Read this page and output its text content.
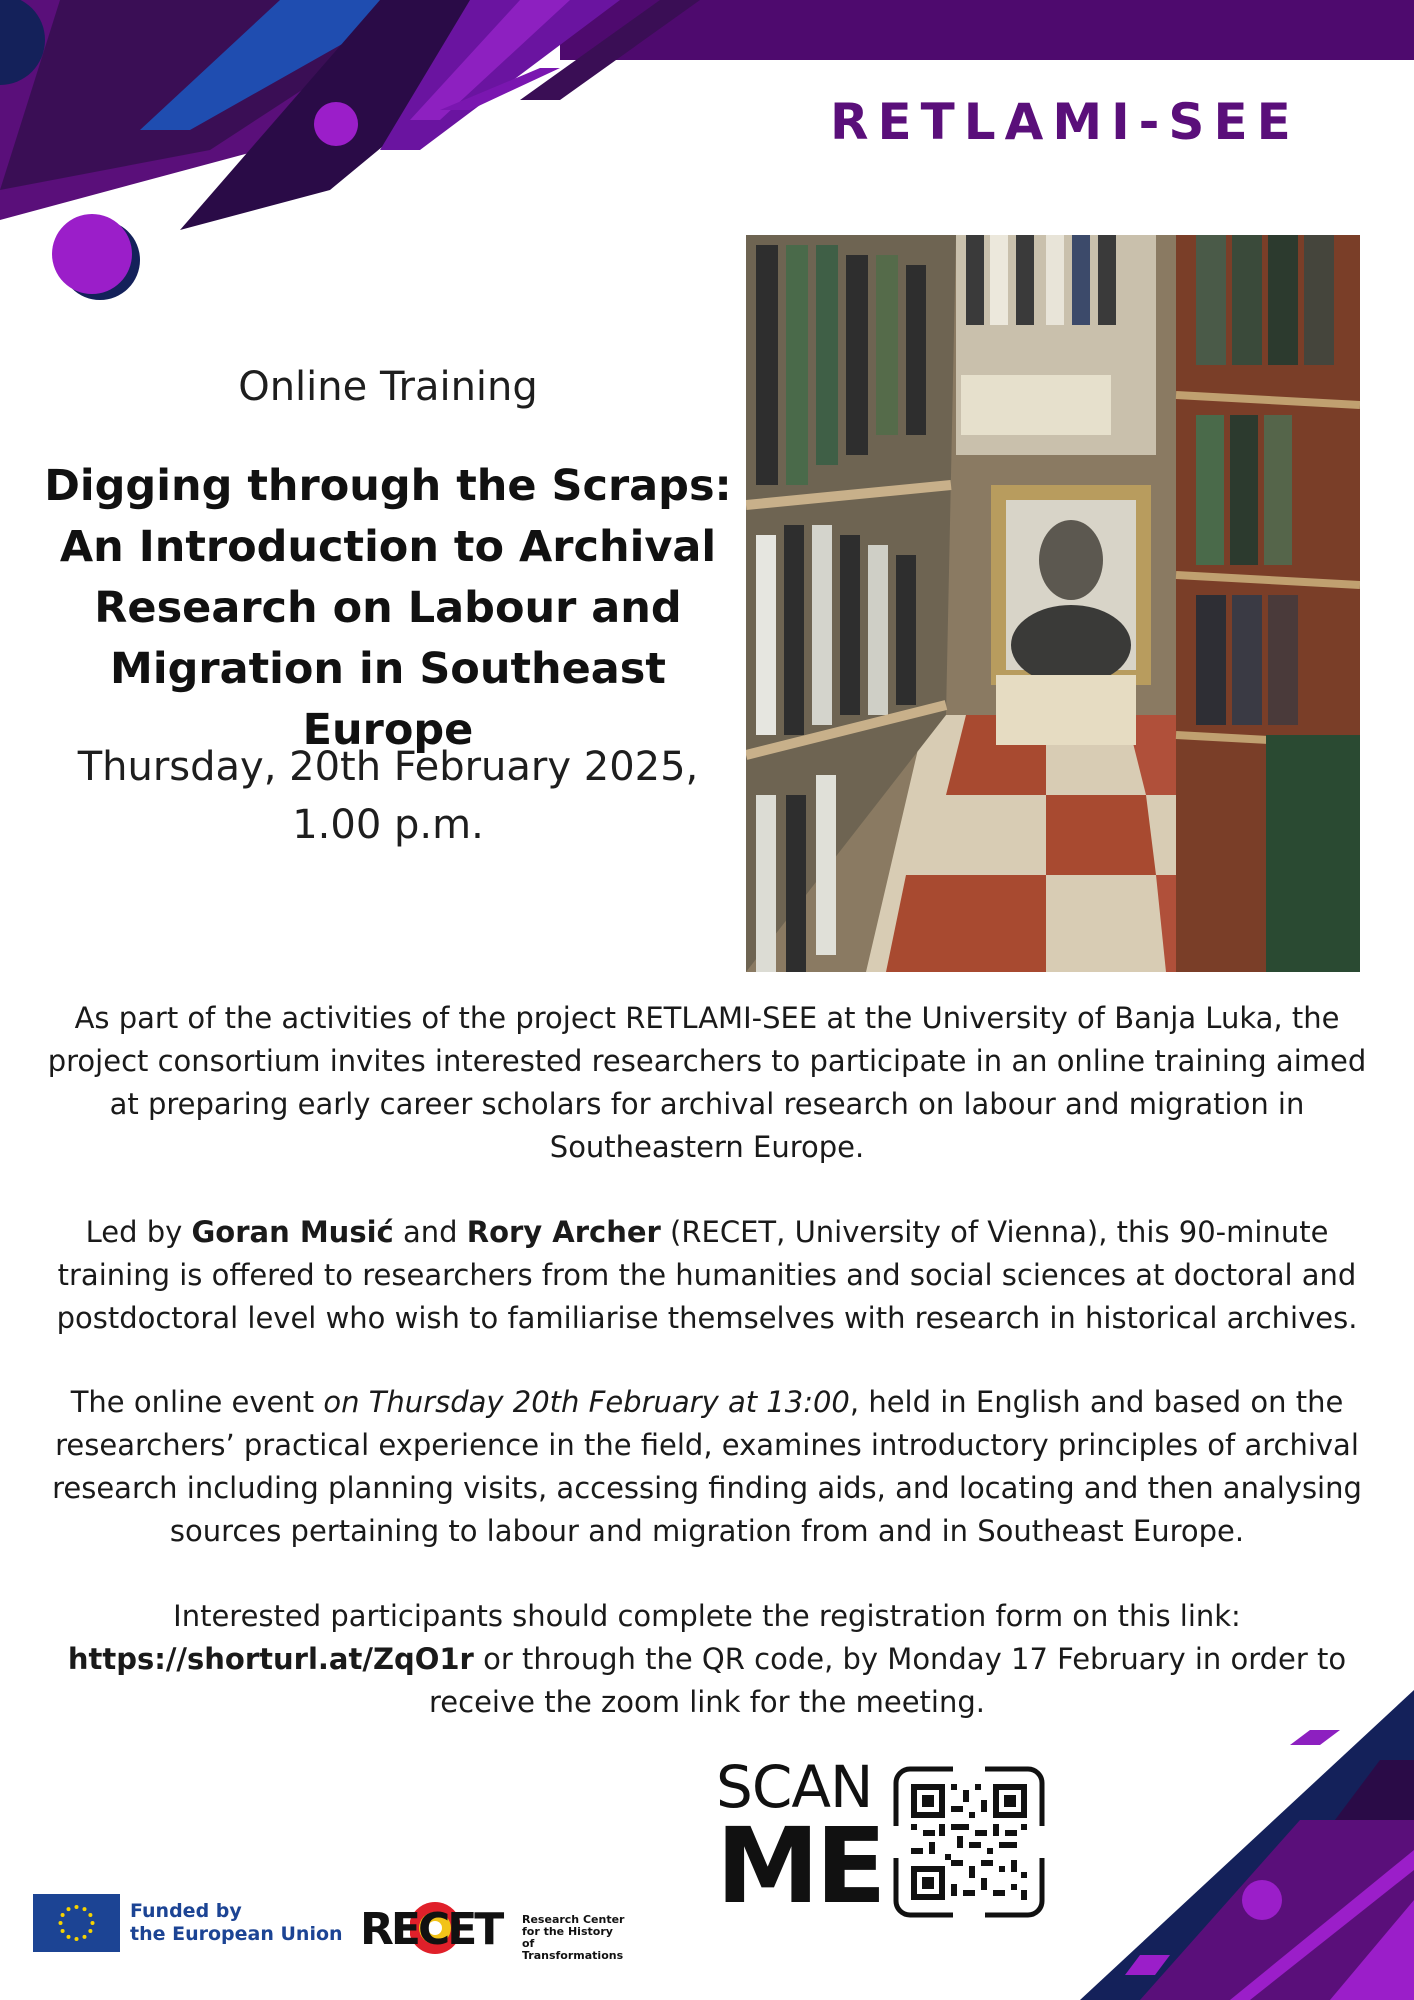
RETLAMI-SEE
Online Training
Digging through the Scraps:
An Introduction to Archival
Research on Labour and
Migration in Southeast Europe
Thursday, 20th February 2025,
1.00 p.m.

As part of the activities of the project RETLAMI-SEE at the University of Banja Luka, the project consortium invites interested researchers to participate in an online training aimed at preparing early career scholars for archival research on labour and migration in Southeastern Europe.

Led by Goran Musić and Rory Archer (RECET, University of Vienna), this 90-minute training is offered to researchers from the humanities and social sciences at doctoral and postdoctoral level who wish to familiarise themselves with research in historical archives.

The online event on Thursday 20th February at 13:00, held in English and based on the researchers’ practical experience in the field, examines introductory principles of archival research including planning visits, accessing finding aids, and locating and then analysing sources pertaining to labour and migration from and in Southeast Europe.

Interested participants should complete the registration form on this link: https://shorturl.at/ZqO1r or through the QR code, by Monday 17 February in order to receive the zoom link for the meeting.

SCAN
ME
Funded by
the European Union RECET Research Center
for the History
of Transformations
